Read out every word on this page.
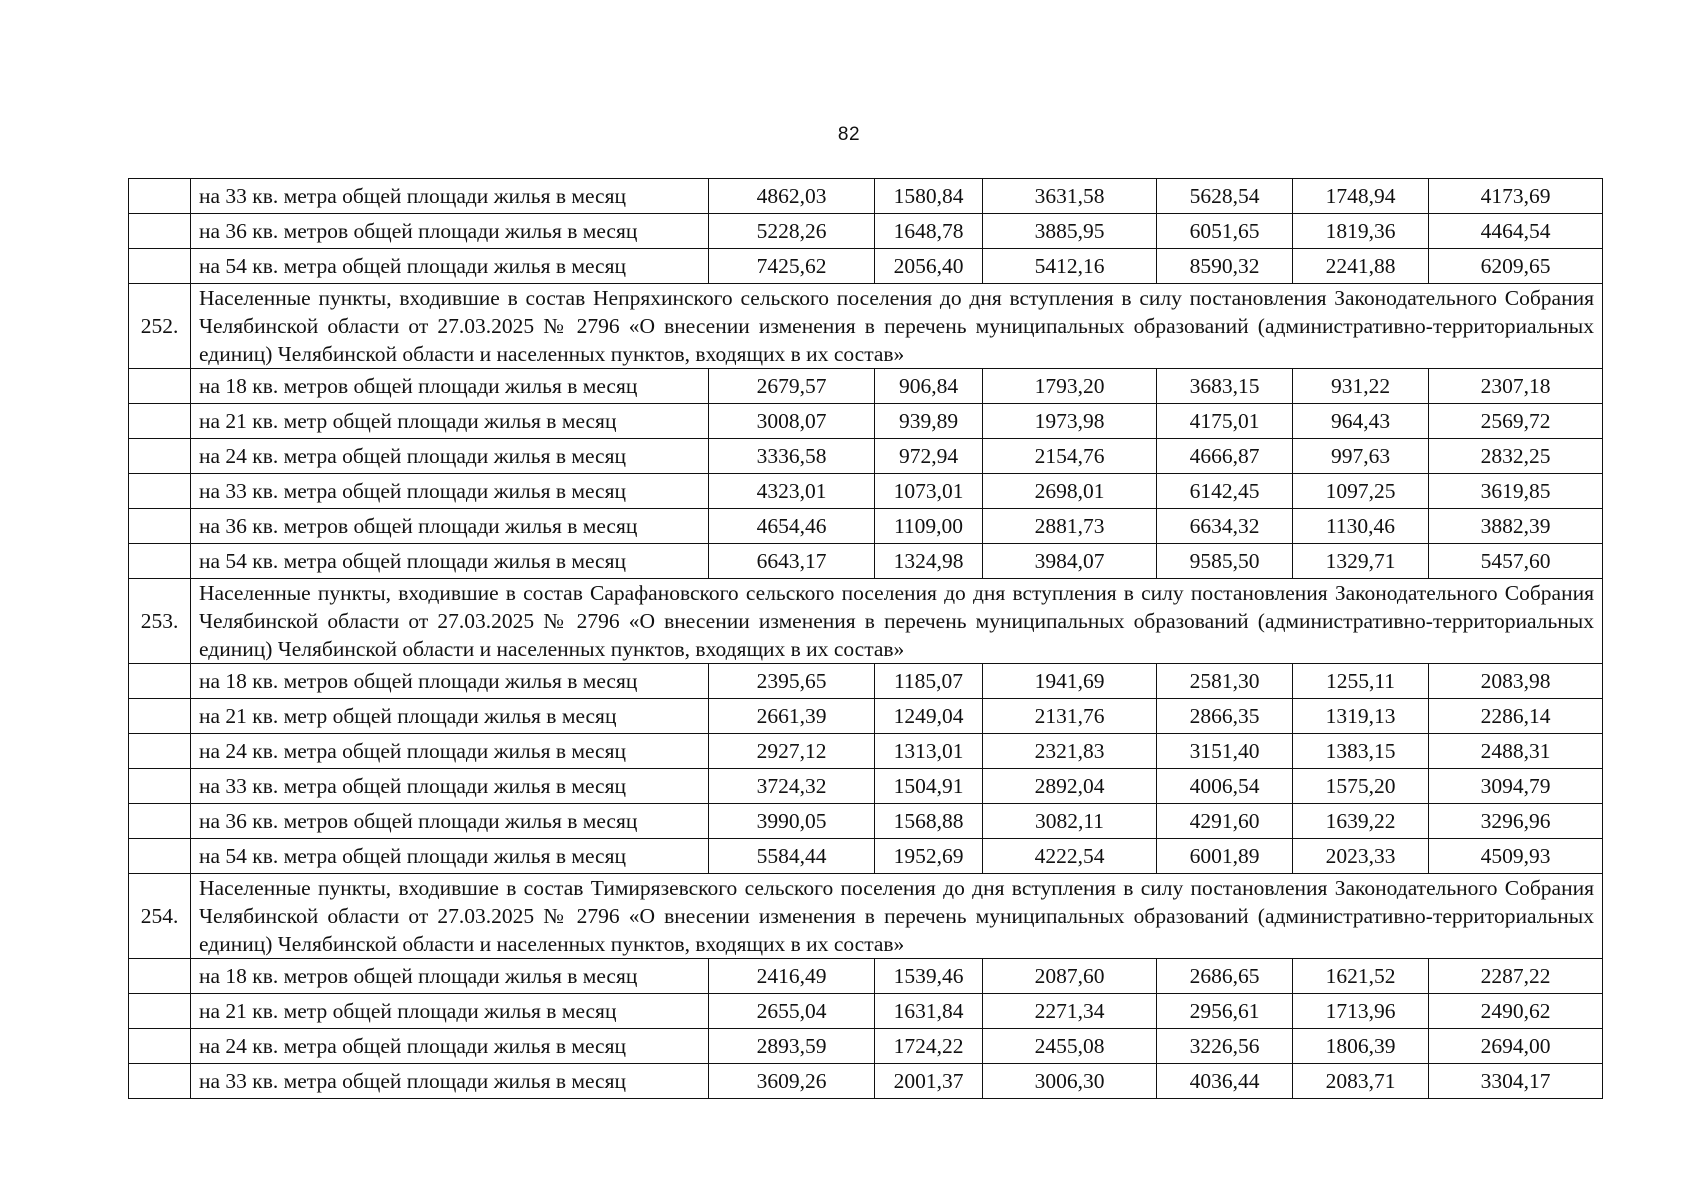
82
	на 33 кв. метра общей площади жилья в месяц	4862,03	1580,84	3631,58	5628,54	1748,94	4173,69
	на 36 кв. метров общей площади жилья в месяц	5228,26	1648,78	3885,95	6051,65	1819,36	4464,54
	на 54 кв. метра общей площади жилья в месяц	7425,62	2056,40	5412,16	8590,32	2241,88	6209,65
252.	Населенные пункты, входившие в состав Непряхинского сельского поселения до дня вступления в силу постановления Законодательного Собрания Челябинской области от 27.03.2025 № 2796 «О внесении изменения в перечень муниципальных образований (административно-территориальных единиц) Челябинской области и населенных пунктов, входящих в их состав»						
	на 18 кв. метров общей площади жилья в месяц	2679,57	906,84	1793,20	3683,15	931,22	2307,18
	на 21 кв. метр общей площади жилья в месяц	3008,07	939,89	1973,98	4175,01	964,43	2569,72
	на 24 кв. метра общей площади жилья в месяц	3336,58	972,94	2154,76	4666,87	997,63	2832,25
	на 33 кв. метра общей площади жилья в месяц	4323,01	1073,01	2698,01	6142,45	1097,25	3619,85
	на 36 кв. метров общей площади жилья в месяц	4654,46	1109,00	2881,73	6634,32	1130,46	3882,39
	на 54 кв. метра общей площади жилья в месяц	6643,17	1324,98	3984,07	9585,50	1329,71	5457,60
253.	Населенные пункты, входившие в состав Сарафановского сельского поселения до дня вступления в силу постановления Законодательного Собрания Челябинской области от 27.03.2025 № 2796 «О внесении изменения в перечень муниципальных образований (административно-территориальных единиц) Челябинской области и населенных пунктов, входящих в их состав»						
	на 18 кв. метров общей площади жилья в месяц	2395,65	1185,07	1941,69	2581,30	1255,11	2083,98
	на 21 кв. метр общей площади жилья в месяц	2661,39	1249,04	2131,76	2866,35	1319,13	2286,14
	на 24 кв. метра общей площади жилья в месяц	2927,12	1313,01	2321,83	3151,40	1383,15	2488,31
	на 33 кв. метра общей площади жилья в месяц	3724,32	1504,91	2892,04	4006,54	1575,20	3094,79
	на 36 кв. метров общей площади жилья в месяц	3990,05	1568,88	3082,11	4291,60	1639,22	3296,96
	на 54 кв. метра общей площади жилья в месяц	5584,44	1952,69	4222,54	6001,89	2023,33	4509,93
254.	Населенные пункты, входившие в состав Тимирязевского сельского поселения до дня вступления в силу постановления Законодательного Собрания Челябинской области от 27.03.2025 № 2796 «О внесении изменения в перечень муниципальных образований (административно-территориальных единиц) Челябинской области и населенных пунктов, входящих в их состав»						
	на 18 кв. метров общей площади жилья в месяц	2416,49	1539,46	2087,60	2686,65	1621,52	2287,22
	на 21 кв. метр общей площади жилья в месяц	2655,04	1631,84	2271,34	2956,61	1713,96	2490,62
	на 24 кв. метра общей площади жилья в месяц	2893,59	1724,22	2455,08	3226,56	1806,39	2694,00
	на 33 кв. метра общей площади жилья в месяц	3609,26	2001,37	3006,30	4036,44	2083,71	3304,17
